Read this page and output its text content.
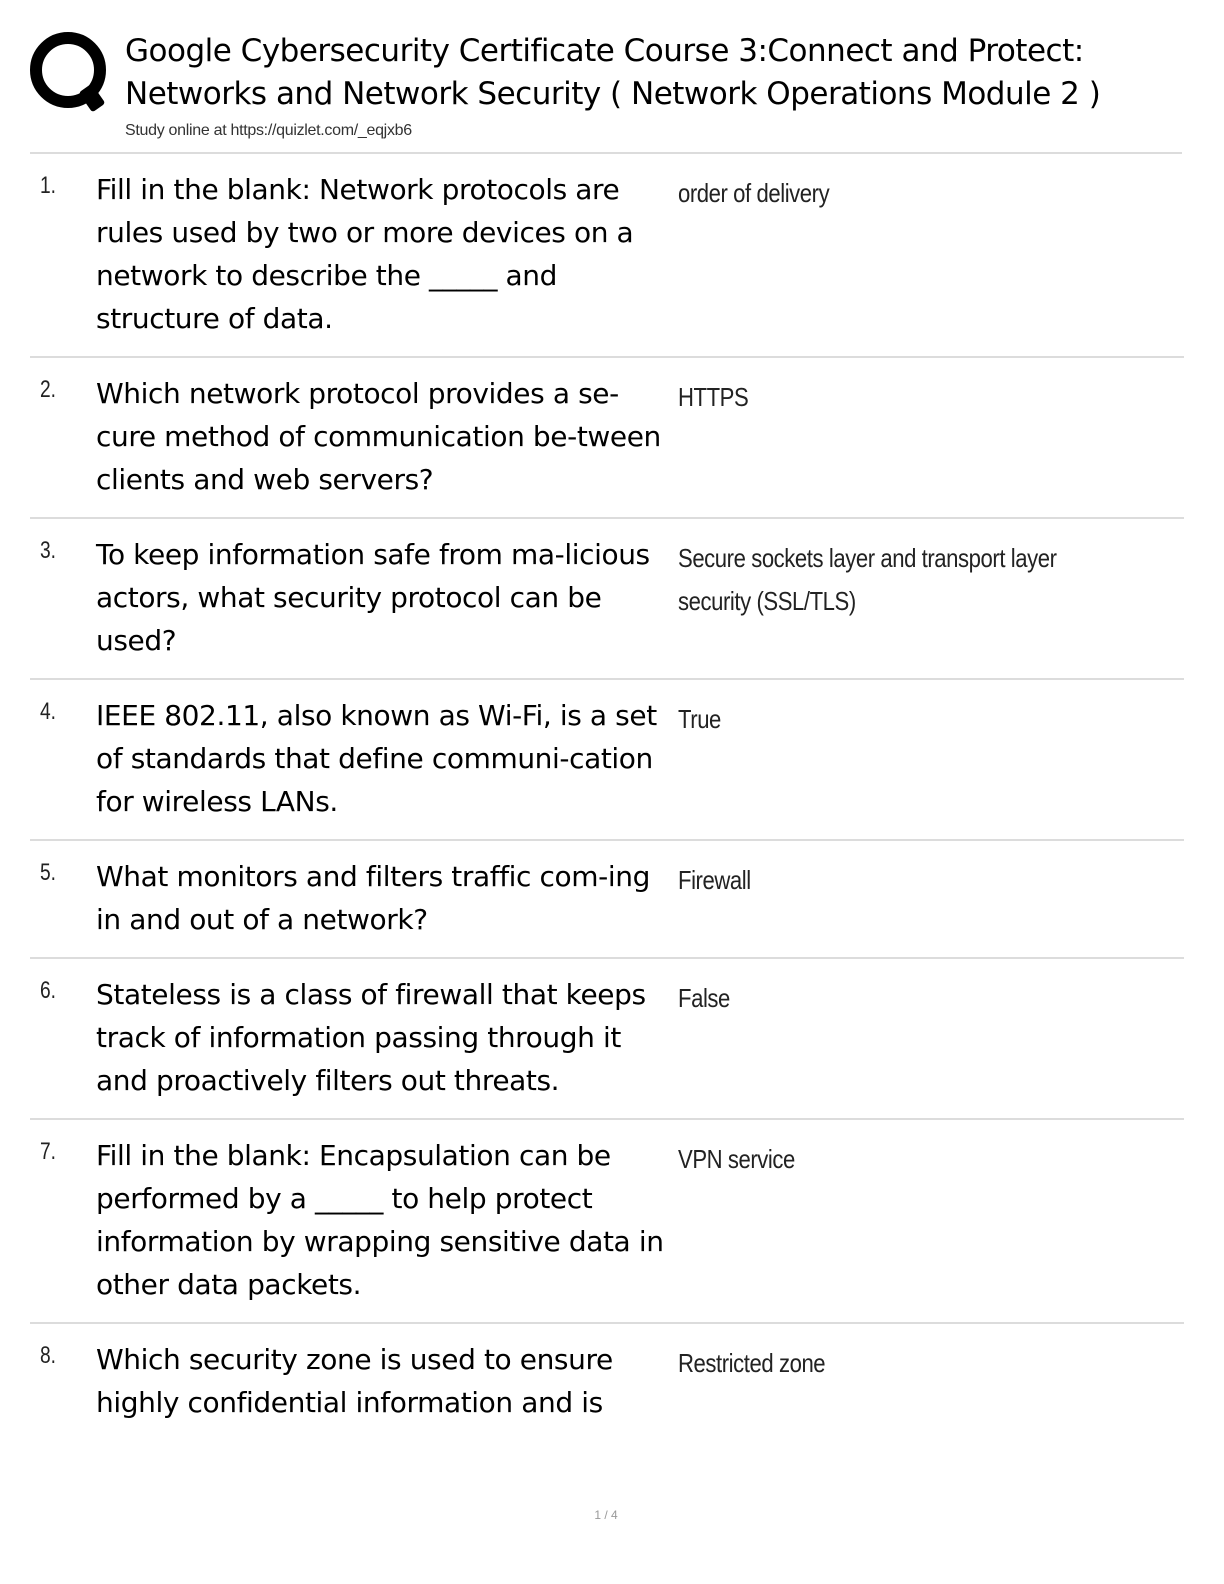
Google Cybersecurity Certificate Course 3:Connect and Protect: Networks and Network Security ( Network Operations Module 2 )
Study online at https://quizlet.com/_eqjxb6
1. Fill in the blank: Network protocols are rules used by two or more devices on a network to describe the _____ and structure of data.
order of delivery
2. Which network protocol provides a se-cure method of communication be-tween clients and web servers?
HTTPS
3. To keep information safe from ma-licious actors, what security protocol can be used?
Secure sockets layer and transport layer security (SSL/TLS)
4. IEEE 802.11, also known as Wi-Fi, is a set of standards that define communi-cation for wireless LANs.
True
5. What monitors and filters traffic com-ing in and out of a network?
Firewall
6. Stateless is a class of firewall that keeps track of information passing through it and proactively filters out threats.
False
7. Fill in the blank: Encapsulation can be performed by a _____ to help protect information by wrapping sensitive data in other data packets.
VPN service
8. Which security zone is used to ensure highly confidential information and is
Restricted zone
1 / 4
